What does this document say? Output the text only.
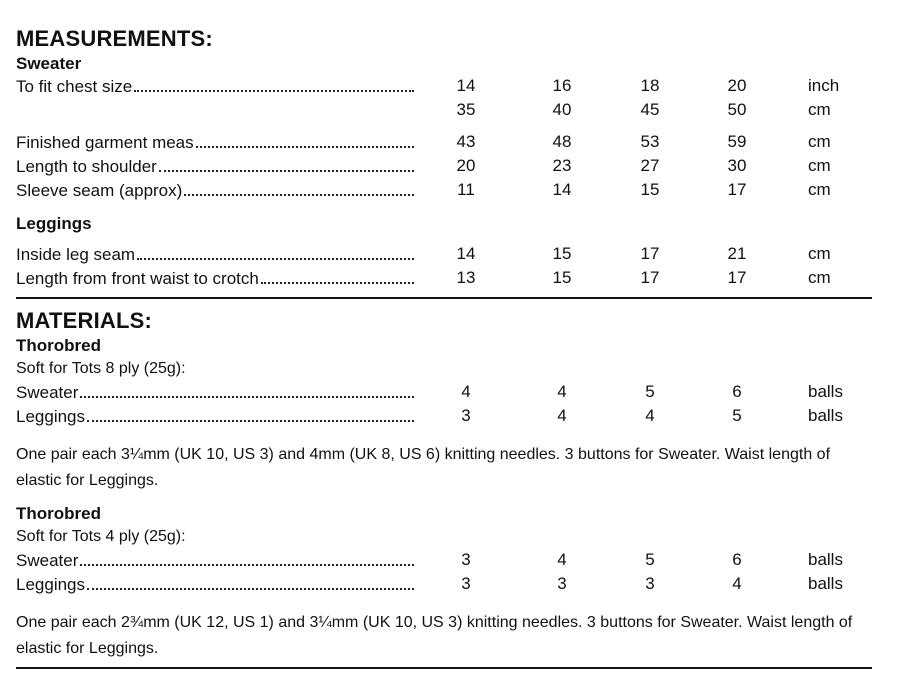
MEASUREMENTS:
Sweater
To fit chest size	14	16	18	20	inch
35	40	45	50	cm
Finished garment meas	43	48	53	59	cm
Length to shoulder	20	23	27	30	cm
Sleeve seam (approx)	11	14	15	17	cm
Leggings
Inside leg seam	14	15	17	21	cm
Length from front waist to crotch	13	15	17	17	cm
MATERIALS:
Thorobred
Soft for Tots 8 ply (25g):
Sweater	4	4	5	6	balls
Leggings	3	4	4	5	balls
One pair each 3¼mm (UK 10, US 3) and 4mm (UK 8, US 6) knitting needles. 3 buttons for Sweater. Waist length of
elastic for Leggings.
Thorobred
Soft for Tots 4 ply (25g):
Sweater	3	4	5	6	balls
Leggings	3	3	3	4	balls
One pair each 2¾mm (UK 12, US 1) and 3¼mm (UK 10, US 3) knitting needles. 3 buttons for Sweater. Waist length of
elastic for Leggings.
